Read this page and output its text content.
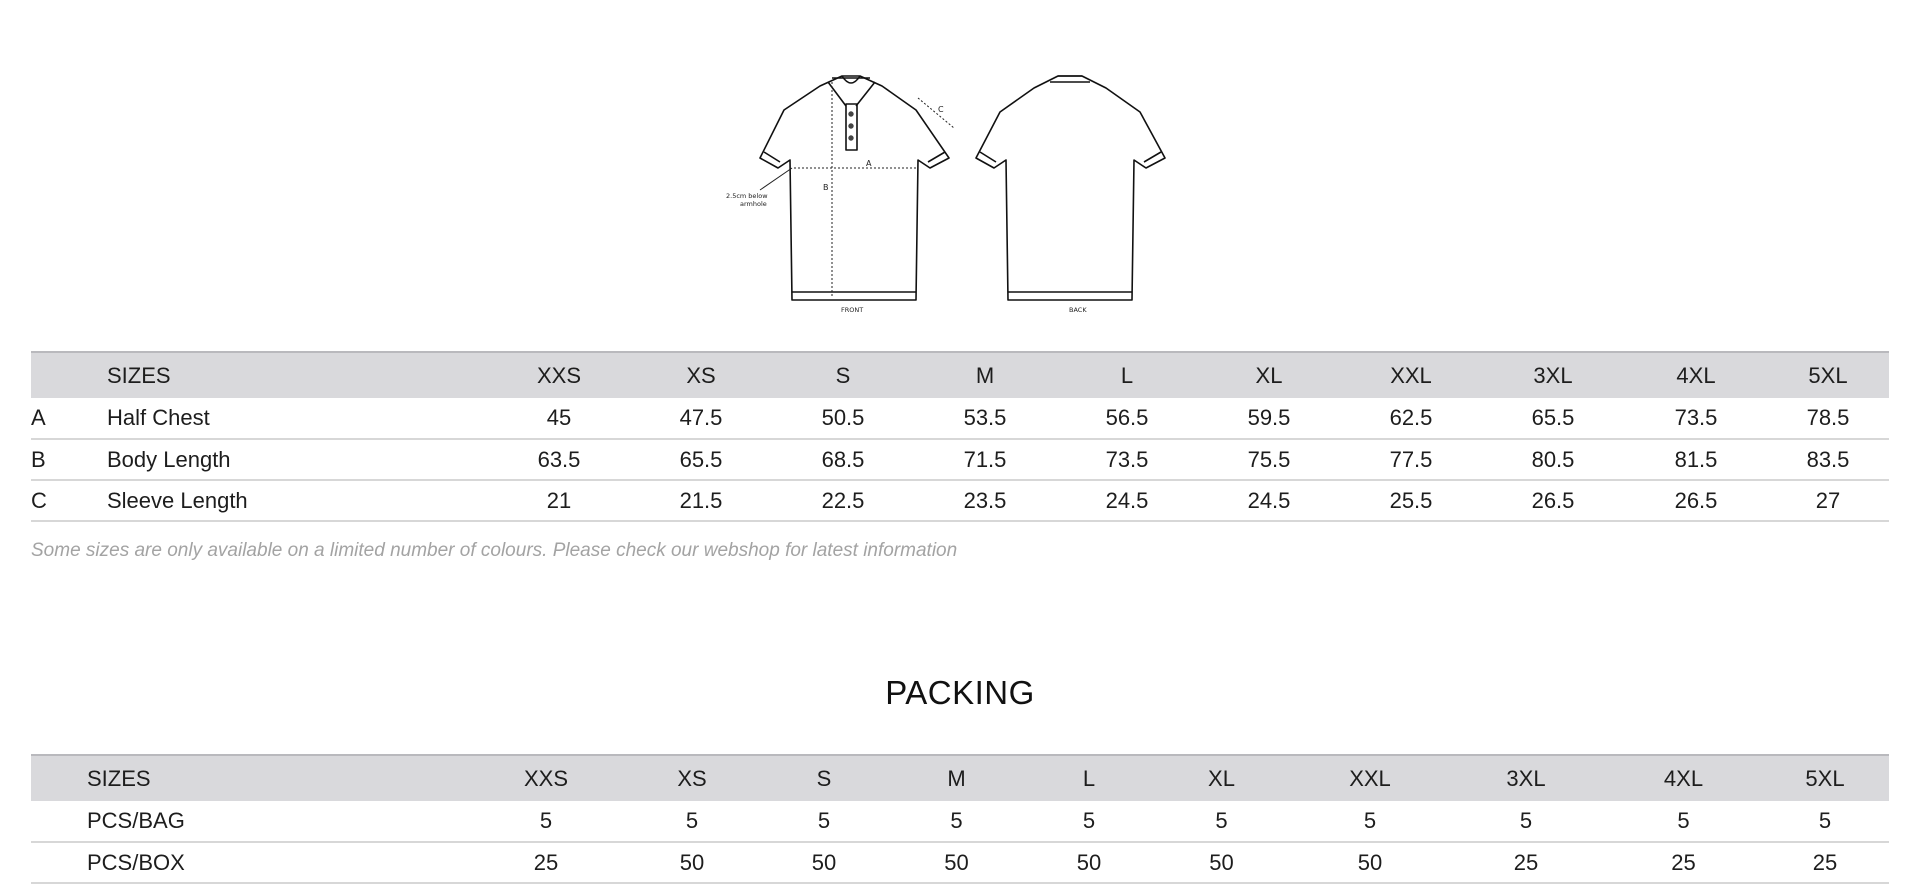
A
B
C
2.5cm below
armhole
FRONT	BACK
	SIZES	XXS	XS	S	M	L	XL	XXL	3XL	4XL	5XL
A	Half Chest	45	47.5	50.5	53.5	56.5	59.5	62.5	65.5	73.5	78.5
B	Body Length	63.5	65.5	68.5	71.5	73.5	75.5	77.5	80.5	81.5	83.5
C	Sleeve Length	21	21.5	22.5	23.5	24.5	24.5	25.5	26.5	26.5	27
Some sizes are only available on a limited number of colours. Please check our webshop for latest information
PACKING
	SIZES	XXS	XS	S	M	L	XL	XXL	3XL	4XL	5XL
	PCS/BAG	5	5	5	5	5	5	5	5	5	5
	PCS/BOX	25	50	50	50	50	50	50	25	25	25
